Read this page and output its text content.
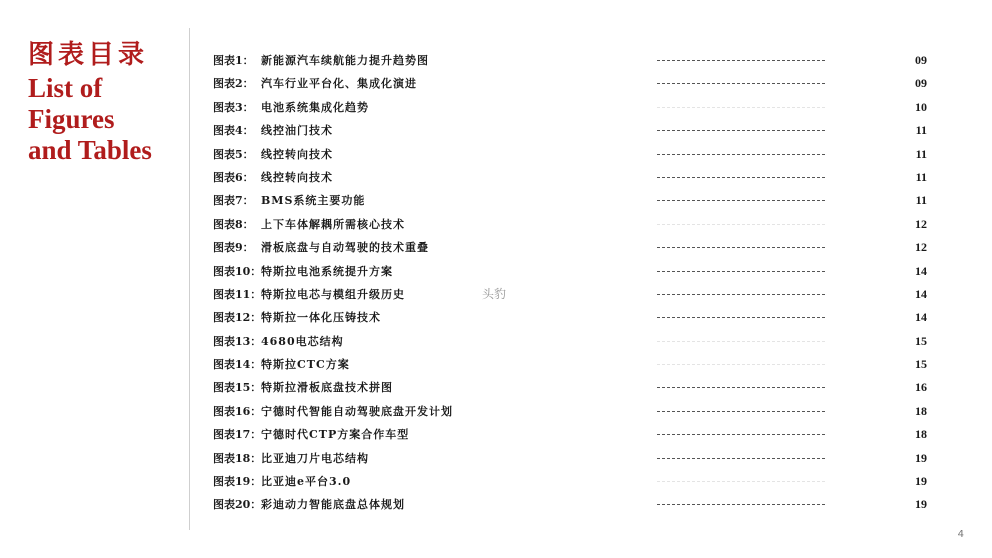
图表目录
List of
Figures
and Tables
图表1： 新能源汽车续航能力提升趋势图	09
图表2： 汽车行业平台化、集成化演进	09
图表3： 电池系统集成化趋势	10
图表4： 线控油门技术	11
图表5： 线控转向技术	11
图表6： 线控转向技术	11
图表7： BMS系统主要功能	11
图表8： 上下车体解耦所需核心技术	12
图表9： 滑板底盘与自动驾驶的技术重叠	12
图表10： 特斯拉电池系统提升方案	14
图表11： 特斯拉电芯与模组升级历史	14
图表12： 特斯拉一体化压铸技术	14
图表13： 4680电芯结构	15
图表14： 特斯拉CTC方案	15
图表15： 特斯拉滑板底盘技术拼图	16
图表16： 宁德时代智能自动驾驶底盘开发计划	18
图表17： 宁德时代CTP方案合作车型	18
图表18： 比亚迪刀片电芯结构	19
图表19： 比亚迪e平台3.0	19
图表20： 彩迪动力智能底盘总体规划	19
头豹
4
